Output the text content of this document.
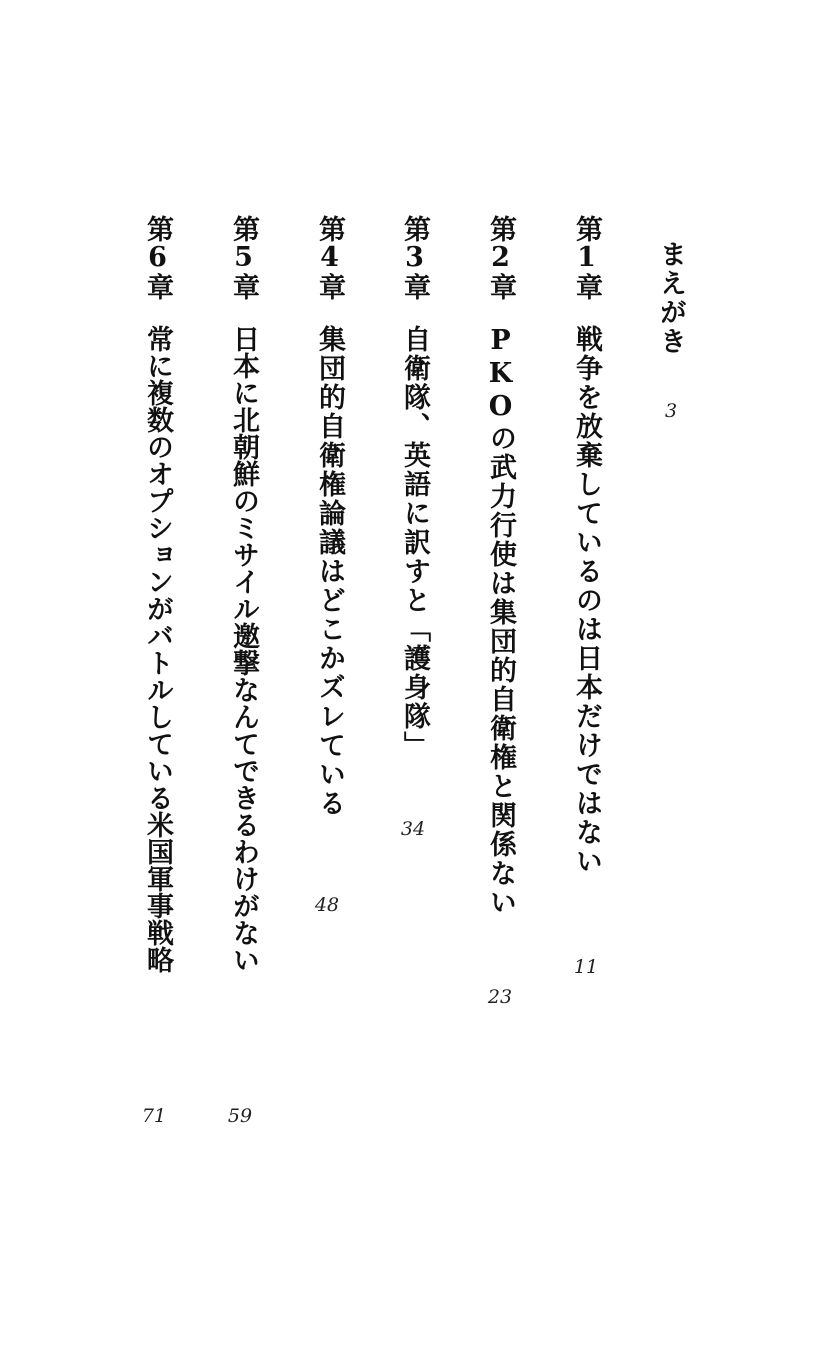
まえがき
3
第1章
戦争を放棄しているのは日本だけではない
11
第2章
PKOの武力行使は集団的自衛権と関係ない
23
第3章
自衛隊、英語に訳すと「護身隊」
34
第4章
集団的自衛権論議はどこかズレている
48
第5章
日本に北朝鮮のミサイル邀撃なんてできるわけがない
59
第6章
常に複数のオプションがバトルしている米国軍事戦略
71
